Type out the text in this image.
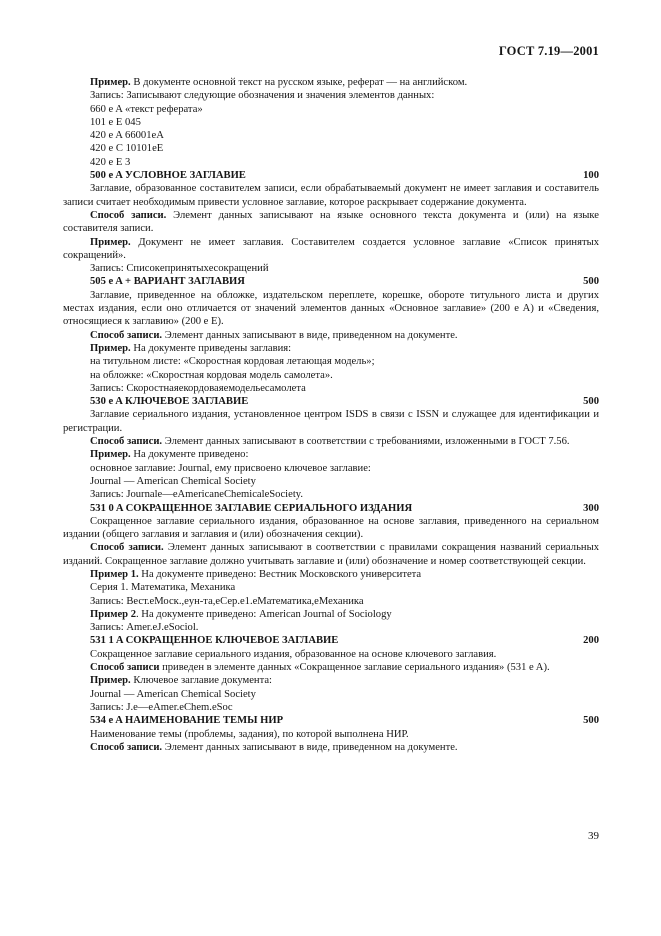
ГОСТ 7.19—2001

Пример. В документе основной текст на русском языке, реферат — на английском.

Запись: Записывают следующие обозначения и значения элементов данных:

660 e A «текст реферата»

101 e E 045

420 e A 66001eA

420 e C 10101eE

420 e E 3

500 e A УСЛОВНОЕ ЗАГЛАВИЕ	100

Заглавие, образованное составителем записи, если обрабатываемый документ не имеет заглавия и составитель записи считает необходимым привести условное заглавие, которое раскрывает содержание документа.

Способ записи. Элемент данных записывают на языке основного текста документа и (или) на языке составителя записи.

Пример. Документ не имеет заглавия. Составителем создается условное заглавие «Список принятых сокращений».

Запись: Списокeпринятыхeсокращений

505 e A + ВАРИАНТ ЗАГЛАВИЯ	500

Заглавие, приведенное на обложке, издательском переплете, корешке, обороте титульного листа и других местах издания, если оно отличается от значений элементов данных «Основное заглавие» (200 e A) и «Сведения, относящиеся к заглавию» (200 e E).

Способ записи. Элемент данных записывают в виде, приведенном на документе.

Пример. На документе приведены заглавия:

на титульном листе: «Скоростная кордовая летающая модель»;

на обложке: «Скоростная кордовая модель самолета».

Запись: Скоростнаяeкордоваяeмодельeсамолета

530 e A КЛЮЧЕВОЕ ЗАГЛАВИЕ	500

Заглавие сериального издания, установленное центром ISDS в связи с ISSN и служащее для идентификации и регистрации.

Способ записи. Элемент данных записывают в соответствии с требованиями, изложенными в ГОСТ 7.56.

Пример. На документе приведено:

основное заглавие: Journal, ему присвоено ключевое заглавие:

Journal — American Chemical Society

Запись: Journale—eAmericaneChemicaleSociety.

531 0 A СОКРАЩЕННОЕ ЗАГЛАВИЕ СЕРИАЛЬНОГО ИЗДАНИЯ	300

Сокращенное заглавие сериального издания, образованное на основе заглавия, приведенного на сериальном издании (общего заглавия и заглавия и (или) обозначения секции).

Способ записи. Элемент данных записывают в соответствии с правилами сокращения названий сериальных изданий. Сокращенное заглавие должно учитывать заглавие и (или) обозначение и номер соответствующей секции.

Пример 1. На документе приведено: Вестник Московского университета

Серия 1. Математика, Механика

Запись: Вест.eМоск.,eун-та,eСер.e1.eМатематика,eМеханика

Пример 2. На документе приведено: American Journal of Sociology

Запись: Amer.eJ.eSociol.

531 1 A СОКРАЩЕННОЕ КЛЮЧЕВОЕ ЗАГЛАВИЕ	200

Сокращенное заглавие сериального издания, образованное на основе ключевого заглавия.

Способ записи приведен в элементе данных «Сокращенное заглавие сериального издания» (531 e A).

Пример. Ключевое заглавие документа:

Journal — American Chemical Society

Запись: J.e—eAmer.eChem.eSoc

534 e A НАИМЕНОВАНИЕ ТЕМЫ НИР	500

Наименование темы (проблемы, задания), по которой выполнена НИР.

Способ записи. Элемент данных записывают в виде, приведенном на документе.

39
